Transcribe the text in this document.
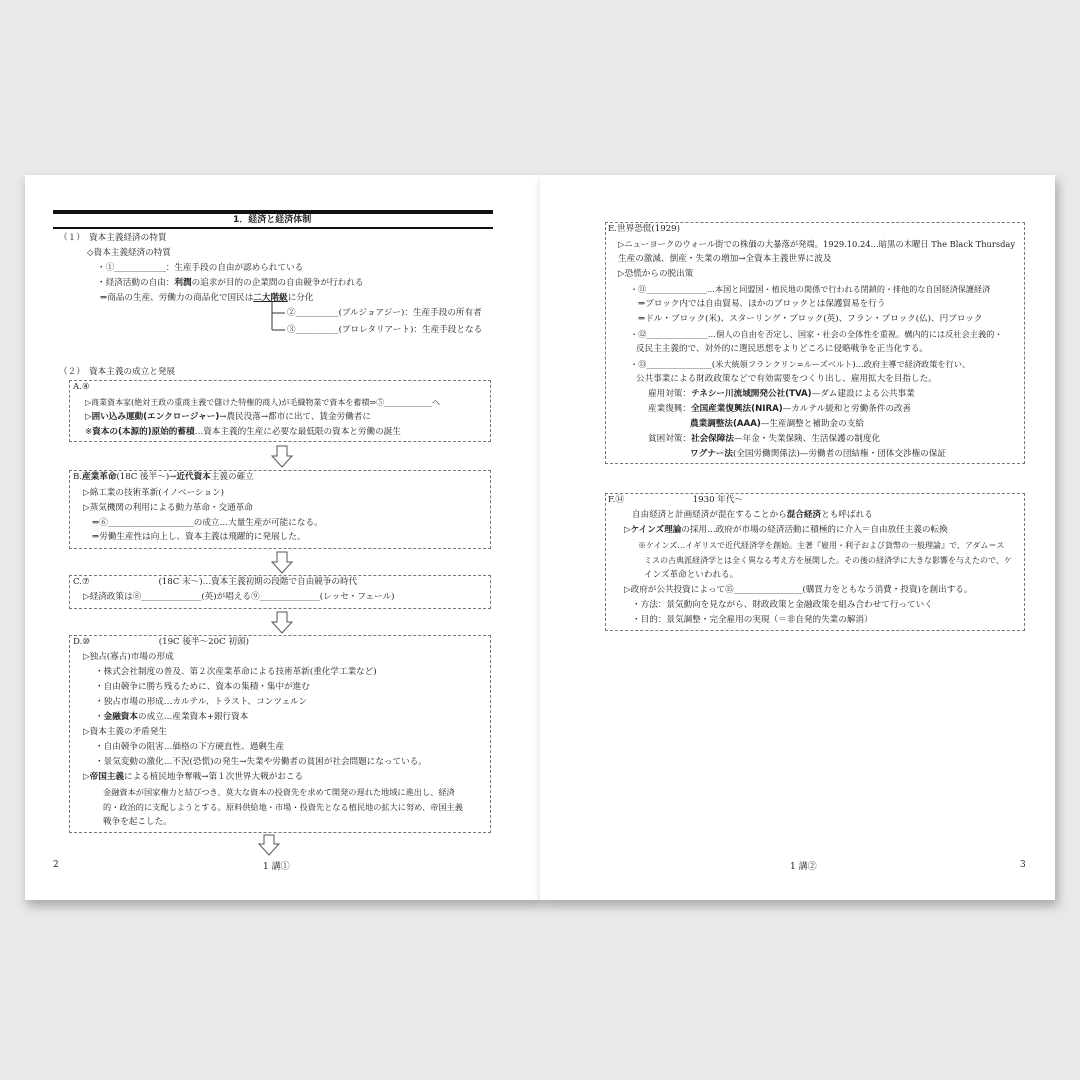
1．経済と経済体制
（１）　資本主義経済の特質
◇資本主義経済の特質
・①____________：生産手段の自由が認められている
・経済活動の自由：利潤の追求が目的の企業間の自由競争が行われる
⇒商品の生産、労働力の商品化で国民は二大階級に分化
②__________(ブルジョアジー)：生産手段の所有者
③__________(プロレタリアート)：生産手段となる
（２）　資本主義の成立と発展
A.④
▷商業資本家(絶対王政の重商主義で儲けた特権的商人)が毛織物業で資本を蓄積⇒⑤____________へ
▷囲い込み運動(エンクロージャー)→農民没落→都市に出て、賃金労働者に
※資本の(本源的)原始的蓄積…資本主義的生産に必要な最低限の資本と労働の誕生
B.産業革命(18C 後半〜)→近代資本主義の確立
▷綿工業の技術革新(イノベーション)
▷蒸気機関の利用による動力革命・交通革命
⇒⑥____________________の成立…大量生産が可能になる。
⇒労働生産性は向上し、資本主義は飛躍的に発展した。
C.⑦　　　　　　　　(18C 末〜)…資本主義初期の段階で自由競争の時代
▷経済政策は⑧______________(英)が唱える⑨______________(レッセ・フェール)
D.⑩　　　　　　　　(19C 後半〜20C 初頭)
▷独占(寡占)市場の形成
・株式会社制度の普及、第２次産業革命による技術革新(重化学工業など)
・自由競争に勝ち残るために、資本の集積・集中が進む
・独占市場の形成…カルテル、トラスト、コンツェルン
・金融資本の成立…産業資本+銀行資本
▷資本主義の矛盾発生
・自由競争の阻害…価格の下方硬直性、過剰生産
・景気変動の激化…不況(恐慌)の発生→失業や労働者の貧困が社会問題になっている。
▷帝国主義による植民地争奪戦→第１次世界大戦がおこる
金融資本が国家権力と結びつき、莫大な資本の投資先を求めて開発の遅れた地域に進出し、経済
的・政治的に支配しようとする。原料供給地・市場・投資先となる植民地の拡大に努め、帝国主義
戦争を起こした。
2	1 講①
E.世界恐慌(1929)
▷ニューヨークのウォール街での株価の大暴落が発端。1929.10.24…暗黒の木曜日 The Black Thursday
生産の激減、倒産・失業の増加→全資本主義世界に波及
▷恐慌からの脱出策
・⑪_______________…本国と同盟国・植民地の関係で行われる閉鎖的・排他的な自国経済保護経済
⇒ブロック内では自由貿易、ほかのブロックとは保護貿易を行う
⇒ドル・ブロック(米)、スターリング・ブロック(英)、フラン・ブロック(仏)、円ブロック
・⑫_______________…個人の自由を否定し、国家・社会の全体性を重視。構内的には反社会主義的・
反民主主義的で、対外的に選民思想をよりどころに侵略戦争を正当化する。
・⑬________________(米大統領フランクリン=ルーズベルト)…政府主導で経済政策を行い、
公共事業による財政政策などで有効需要をつくり出し、雇用拡大を目指した。
雇用対策：テネシー川流域開発公社(TVA)—ダム建設による公共事業
産業復興：全国産業復興法(NIRA)—カルテル緩和と労働条件の改善
農業調整法(AAA)—生産調整と補助金の支給
貧困対策：社会保障法—年金・失業保険、生活保護の制度化
ワグナー法(全国労働関係法)—労働者の団結権・団体交渉権の保証
F.⑭　　　　　　　　1930 年代〜
自由経済と計画経済が混在することから混合経済とも呼ばれる
▷ケインズ理論の採用…政府が市場の経済活動に積極的に介入＝自由放任主義の転換
※ケインズ…イギリスで近代経済学を創始。主著『雇用・利子および貨幣の一般理論』で、アダム＝ス
ミスの古典派経済学とは全く異なる考え方を展開した。その後の経済学に大きな影響を与えたので、ケ
インズ革命といわれる。
▷政府が公共投資によって⑮________________(購買力をともなう消費・投資)を創出する。
・方法：景気動向を見ながら、財政政策と金融政策を組み合わせて行っていく
・目的：景気調整・完全雇用の実現（＝非自発的失業の解消）
1 講②	3
